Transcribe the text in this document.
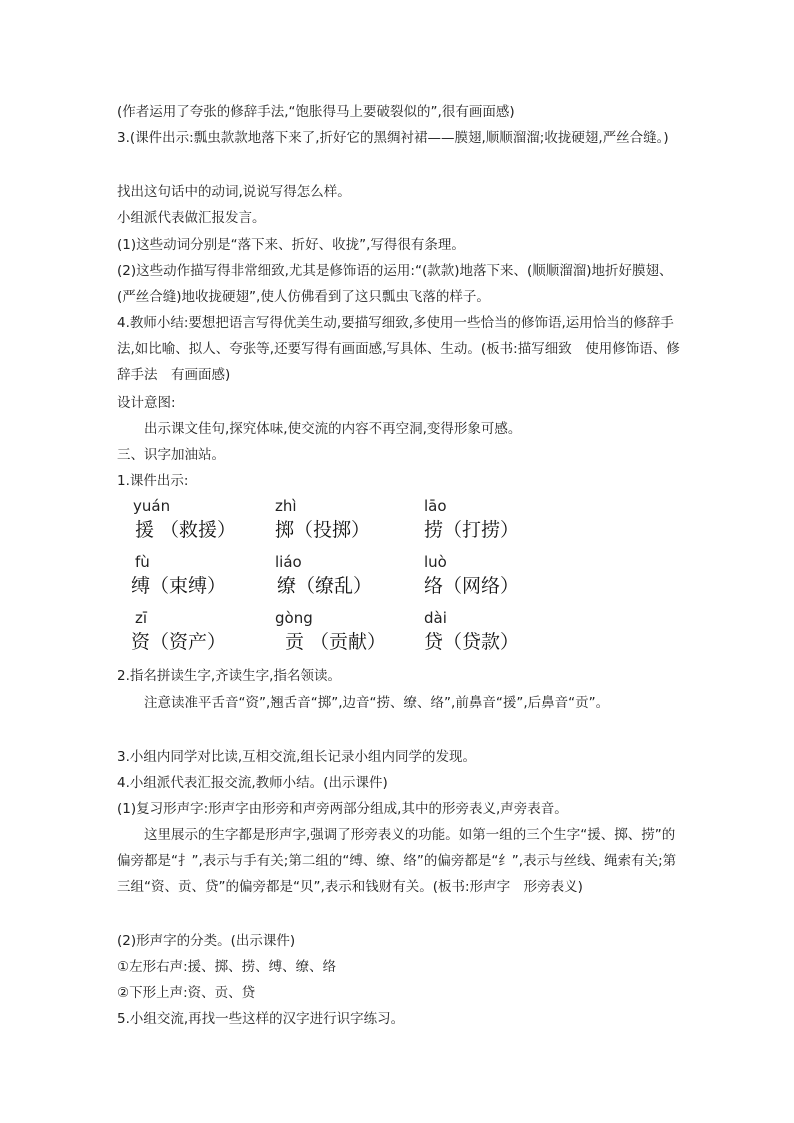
(作者运用了夸张的修辞手法,“饱胀得马上要破裂似的”,很有画面感)
3.(课件出示:瓢虫款款地落下来了,折好它的黑绸衬裙——膜翅,顺顺溜溜;收拢硬翅,严丝合缝。)
找出这句话中的动词,说说写得怎么样。
小组派代表做汇报发言。
(1)这些动词分别是“落下来、折好、收拢”,写得很有条理。
(2)这些动作描写得非常细致,尤其是修饰语的运用:“(款款)地落下来、(顺顺溜溜)地折好膜翅、(严丝合缝)地收拢硬翅”,使人仿佛看到了这只瓢虫飞落的样子。
4.教师小结:要想把语言写得优美生动,要描写细致,多使用一些恰当的修饰语,运用恰当的修辞手法,如比喻、拟人、夸张等,还要写得有画面感,写具体、生动。(板书:描写细致　使用修饰语、修辞手法　有画面感)
设计意图:
出示课文佳句,探究体味,使交流的内容不再空洞,变得形象可感。
三、识字加油站。
1.课件出示:
yuán
援 （救援）
zhì
掷（投掷）
lāo
捞（打捞）
fù
缚（束缚）
liáo
缭（缭乱）
luò
络（网络）
zī
资（资产）
gòng
贡 （贡献）
dài
贷（贷款）
2.指名拼读生字,齐读生字,指名领读。
注意读准平舌音“资”,翘舌音“掷”,边音“捞、缭、络”,前鼻音“援”,后鼻音“贡”。
3.小组内同学对比读,互相交流,组长记录小组内同学的发现。
4.小组派代表汇报交流,教师小结。(出示课件)
(1)复习形声字:形声字由形旁和声旁两部分组成,其中的形旁表义,声旁表音。
这里展示的生字都是形声字,强调了形旁表义的功能。如第一组的三个生字“援、掷、捞”的偏旁都是“扌”,表示与手有关;第二组的“缚、缭、络”的偏旁都是“纟”,表示与丝线、绳索有关;第三组“资、贡、贷”的偏旁都是“贝”,表示和钱财有关。(板书:形声字　形旁表义)
(2)形声字的分类。(出示课件)
①左形右声:援、掷、捞、缚、缭、络
②下形上声:资、贡、贷
5.小组交流,再找一些这样的汉字进行识字练习。
